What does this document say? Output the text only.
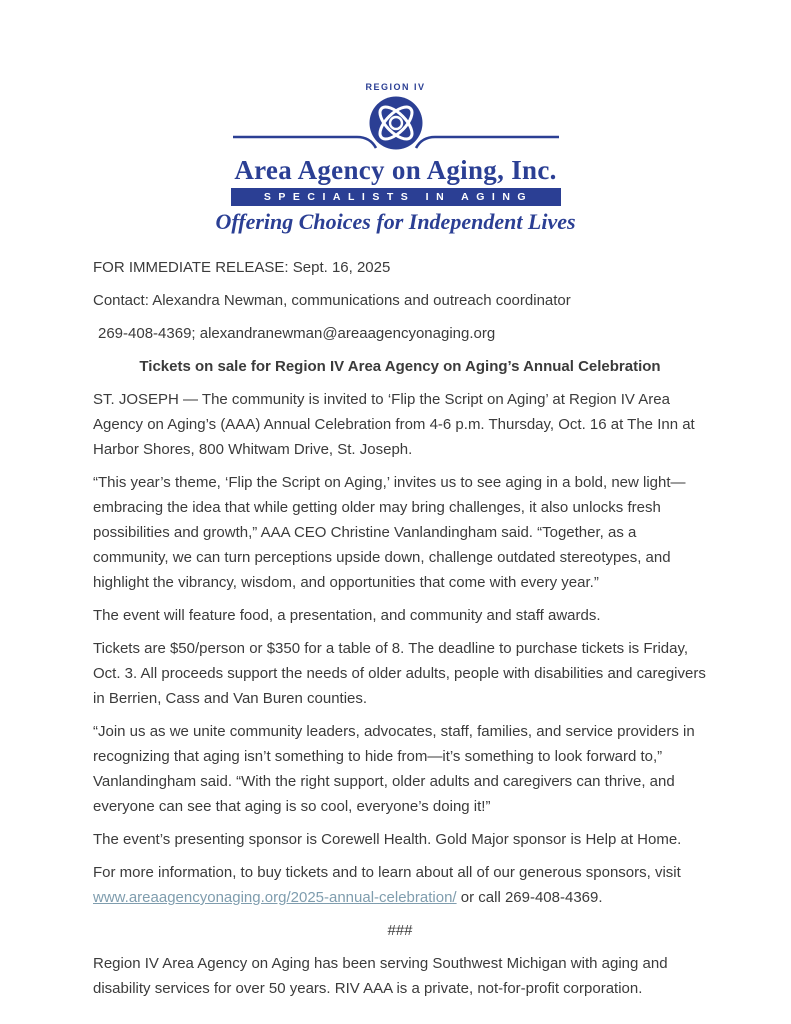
REGION IV
Area Agency on Aging, Inc.
SPECIALISTS IN AGING
Offering Choices for Independent Lives

FOR IMMEDIATE RELEASE: Sept. 16, 2025

Contact: Alexandra Newman, communications and outreach coordinator

269-408-4369; alexandranewman@areaagencyonaging.org

Tickets on sale for Region IV Area Agency on Aging’s Annual Celebration

ST. JOSEPH — The community is invited to ‘Flip the Script on Aging’ at Region IV Area Agency on Aging’s (AAA) Annual Celebration from 4-6 p.m. Thursday, Oct. 16 at The Inn at Harbor Shores, 800 Whitwam Drive, St. Joseph.

“This year’s theme, ‘Flip the Script on Aging,’ invites us to see aging in a bold, new light—embracing the idea that while getting older may bring challenges, it also unlocks fresh possibilities and growth,” AAA CEO Christine Vanlandingham said. “Together, as a community, we can turn perceptions upside down, challenge outdated stereotypes, and highlight the vibrancy, wisdom, and opportunities that come with every year.”

The event will feature food, a presentation, and community and staff awards.

Tickets are $50/person or $350 for a table of 8. The deadline to purchase tickets is Friday, Oct. 3. All proceeds support the needs of older adults, people with disabilities and caregivers in Berrien, Cass and Van Buren counties.

“Join us as we unite community leaders, advocates, staff, families, and service providers in recognizing that aging isn’t something to hide from—it’s something to look forward to,” Vanlandingham said. “With the right support, older adults and caregivers can thrive, and everyone can see that aging is so cool, everyone’s doing it!”

The event’s presenting sponsor is Corewell Health. Gold Major sponsor is Help at Home.

For more information, to buy tickets and to learn about all of our generous sponsors, visit www.areaagencyonaging.org/2025-annual-celebration/ or call 269-408-4369.

###

Region IV Area Agency on Aging has been serving Southwest Michigan with aging and disability services for over 50 years. RIV AAA is a private, not-for-profit corporation.
